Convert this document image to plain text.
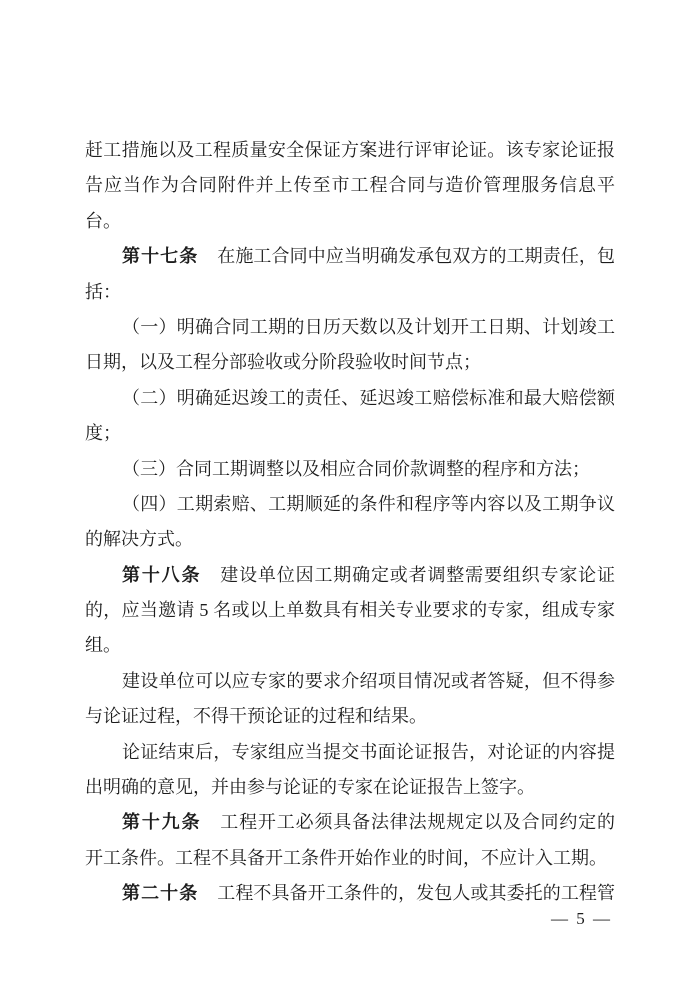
赶工措施以及工程质量安全保证方案进行评审论证。该专家论证报
告应当作为合同附件并上传至市工程合同与造价管理服务信息平
台。
第十七条 在施工合同中应当明确发承包双方的工期责任，包
括：
（一）明确合同工期的日历天数以及计划开工日期、计划竣工
日期，以及工程分部验收或分阶段验收时间节点；
（二）明确延迟竣工的责任、延迟竣工赔偿标准和最大赔偿额
度；
（三）合同工期调整以及相应合同价款调整的程序和方法；
（四）工期索赔、工期顺延的条件和程序等内容以及工期争议
的解决方式。
第十八条 建设单位因工期确定或者调整需要组织专家论证
的，应当邀请 5 名或以上单数具有相关专业要求的专家，组成专家
组。
建设单位可以应专家的要求介绍项目情况或者答疑，但不得参
与论证过程，不得干预论证的过程和结果。
论证结束后，专家组应当提交书面论证报告，对论证的内容提
出明确的意见，并由参与论证的专家在论证报告上签字。
第十九条 工程开工必须具备法律法规规定以及合同约定的
开工条件。工程不具备开工条件开始作业的时间，不应计入工期。
第二十条 工程不具备开工条件的，发包人或其委托的工程管
— 5 —
